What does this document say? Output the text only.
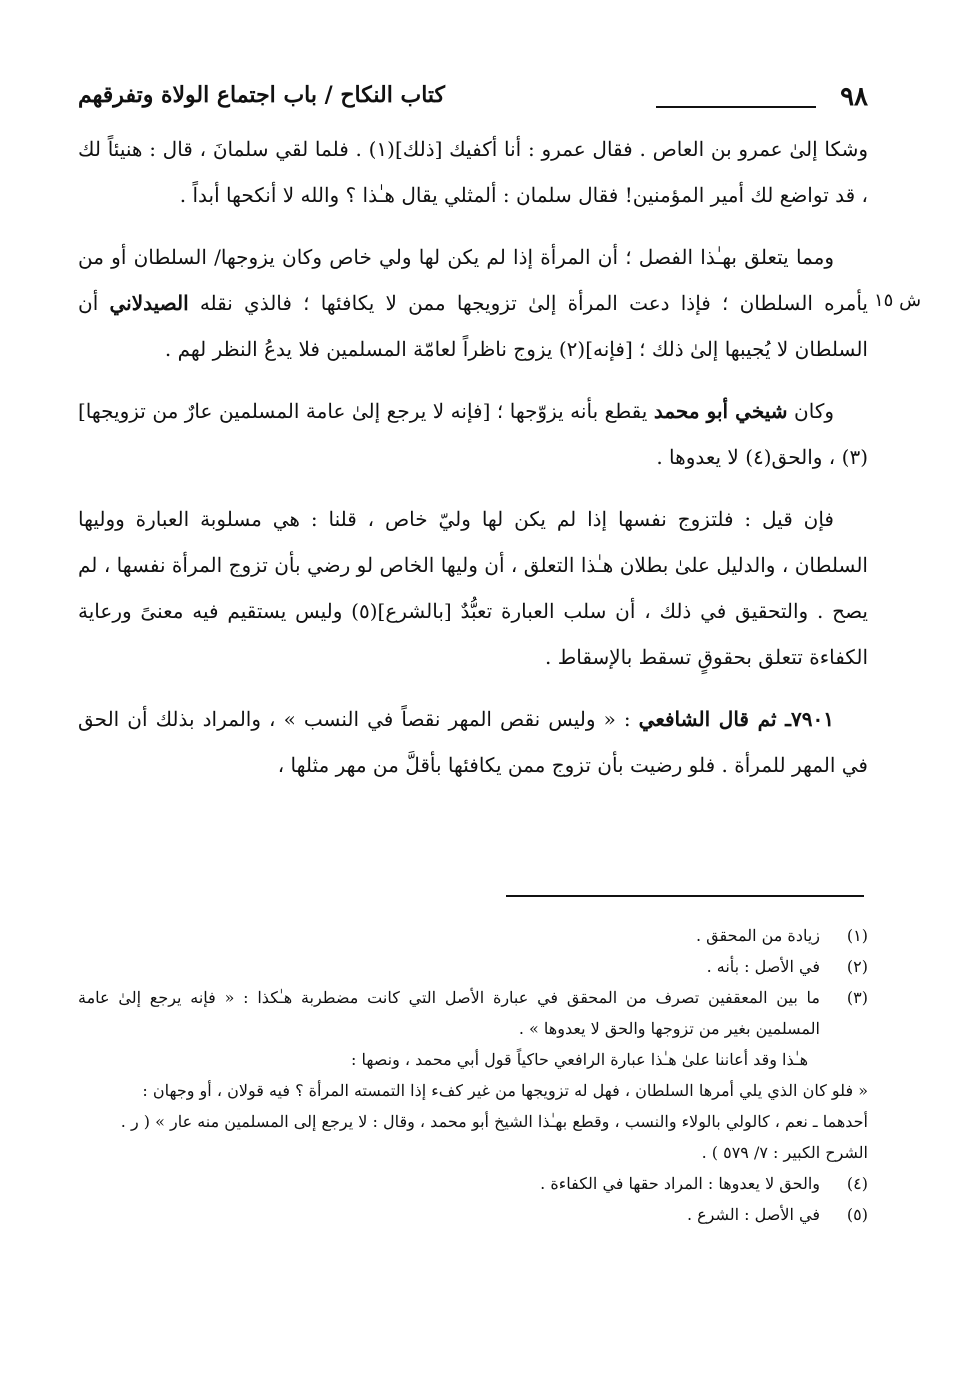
٩٨
كتاب النكاح / باب اجتماع الولاة وتفرقهم
ش ١٥

وشكا إلىٰ عمرو بن العاص . فقال عمرو : أنا أكفيك [ذلك](١) . فلما لقي سلمانَ ، قال : هنيئاً لك ، قد تواضع لك أمير المؤمنين! فقال سلمان : ألمثلي يقال هـٰذا ؟ والله لا أنكحها أبداً .

ومما يتعلق بهـٰذا الفصل ؛ أن المرأة إذا لم يكن لها ولي خاص وكان يزوجها/ السلطان أو من يأمره السلطان ؛ فإذا دعت المرأة إلىٰ تزويجها ممن لا يكافئها ؛ فالذي نقله الصيدلاني أن السلطان لا يُجيبها إلىٰ ذلك ؛ [فإنه](٢) يزوج ناظراً لعامّة المسلمين فلا يدعُ النظر لهم .

وكان شيخي أبو محمد يقطع بأنه يزوّجها ؛ [فإنه لا يرجع إلىٰ عامة المسلمين عارٌ من تزويجها](٣) ، والحق(٤) لا يعدوها .

فإن قيل : فلتزوج نفسها إذا لم يكن لها وليّ خاص ، قلنا : هي مسلوبة العبارة ووليها السلطان ، والدليل علىٰ بطلان هـٰذا التعلق ، أن وليها الخاص لو رضي بأن تزوج المرأة نفسها ، لم يصح . والتحقيق في ذلك ، أن سلب العبارة تعبُّدٌ [بالشرع](٥) وليس يستقيم فيه معنىً ورعاية الكفاءة تتعلق بحقوقٍ تسقط بالإسقاط .

٧٩٠١ـ ثم قال الشافعي : « وليس نقص المهر نقصاً في النسب » ، والمراد بذلك أن الحق في المهر للمرأة . فلو رضيت بأن تزوج ممن يكافئها بأقلَّ من مهر مثلها ،

(١)
زيادة من المحقق .
(٢)
في الأصل : بأنه .
(٣)
ما بين المعقفين تصرف من المحقق في عبارة الأصل التي كانت مضطربة هـٰكذا : « فإنه يرجع إلىٰ عامة المسلمين بغير من تزوجها والحق لا يعدوها » .
هـٰذا وقد أعاننا علىٰ هـٰذا عبارة الرافعي حاكياً قول أبي محمد ، ونصها :
« فلو كان الذي يلي أمرها السلطان ، فهل له تزويجها من غير كفء إذا التمسته المرأة ؟ فيه قولان ، أو وجهان :
أحدهما ـ نعم ، كالولي بالولاء والنسب ، وقطع بهـٰذا الشيخ أبو محمد ، وقال : لا يرجع إلى المسلمين منه عار » ( ر . الشرح الكبير : ٧/ ٥٧٩ ) .
(٤)
والحق لا يعدوها : المراد حقها في الكفاءة .
(٥)
في الأصل : الشرع .
